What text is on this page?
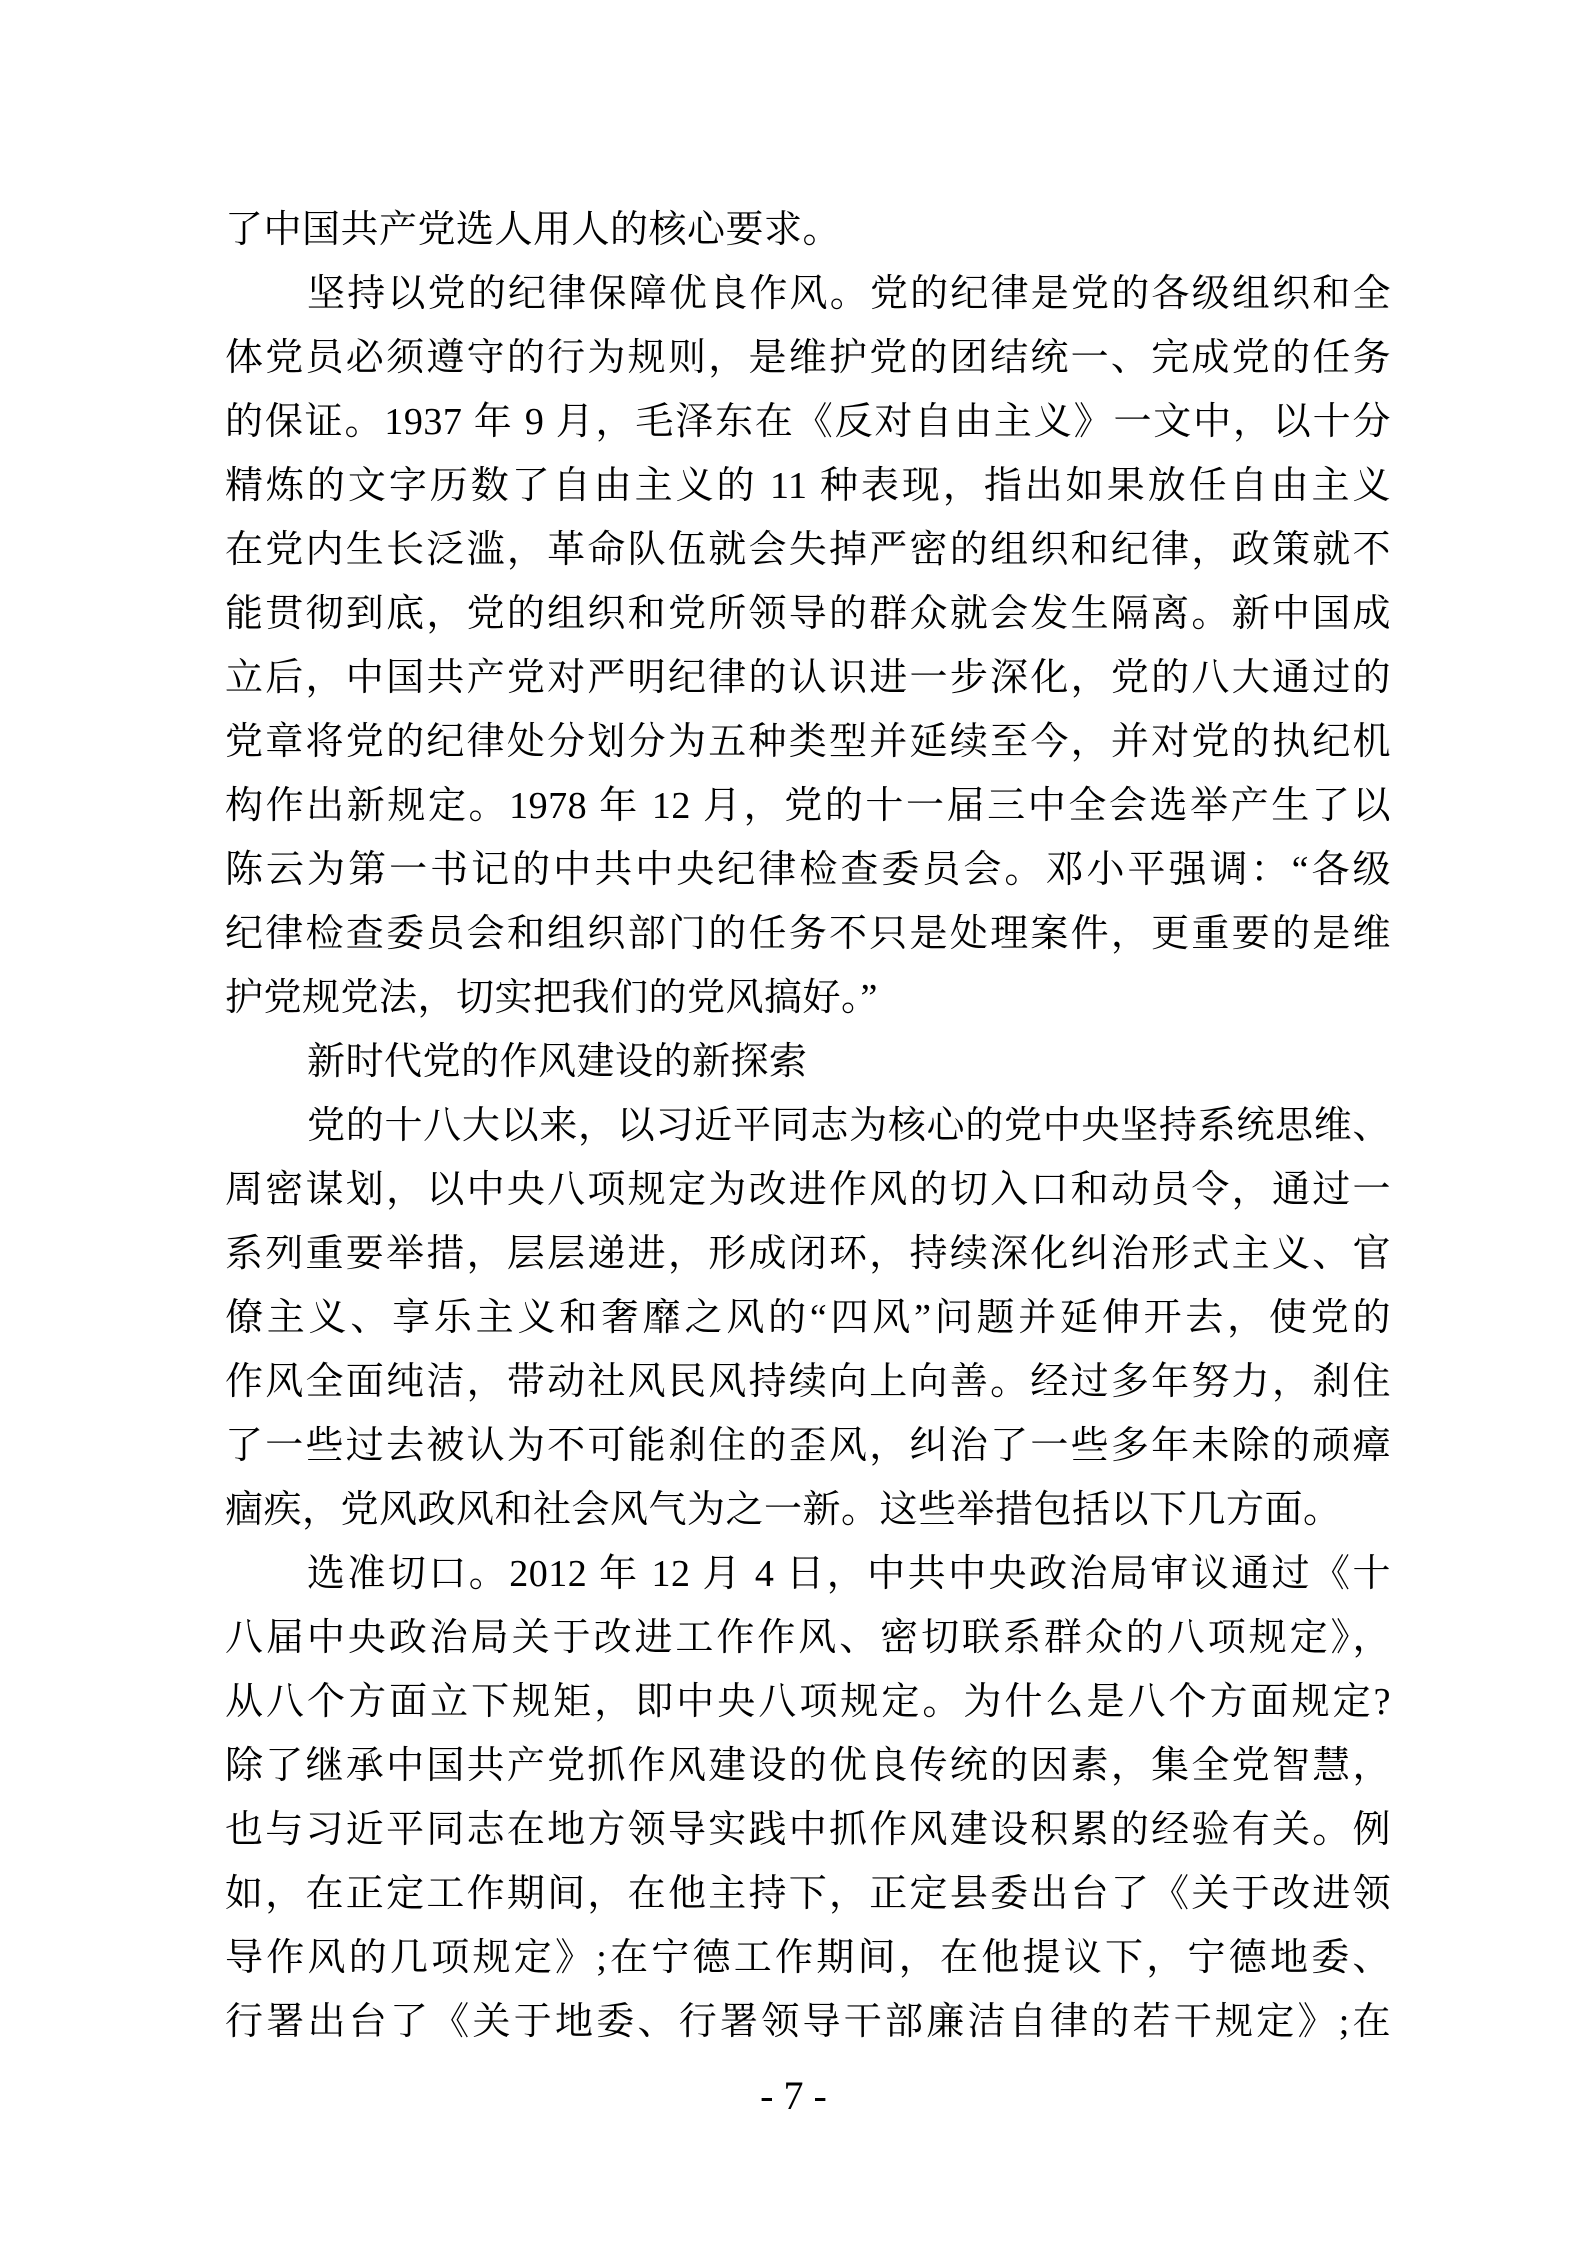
了中国共产党选人用人的核心要求。
坚持以党的纪律保障优良作风。党的纪律是党的各级组织和全
体党员必须遵守的行为规则，是维护党的团结统一、完成党的任务
的保证。1937 年 9 月，毛泽东在《反对自由主义》一文中，以十分
精炼的文字历数了自由主义的 11 种表现，指出如果放任自由主义
在党内生长泛滥，革命队伍就会失掉严密的组织和纪律，政策就不
能贯彻到底，党的组织和党所领导的群众就会发生隔离。新中国成
立后，中国共产党对严明纪律的认识进一步深化，党的八大通过的
党章将党的纪律处分划分为五种类型并延续至今，并对党的执纪机
构作出新规定。1978 年 12 月，党的十一届三中全会选举产生了以
陈云为第一书记的中共中央纪律检查委员会。邓小平强调：“各级
纪律检查委员会和组织部门的任务不只是处理案件，更重要的是维
护党规党法，切实把我们的党风搞好。”
新时代党的作风建设的新探索
党的十八大以来，以习近平同志为核心的党中央坚持系统思维、
周密谋划，以中央八项规定为改进作风的切入口和动员令，通过一
系列重要举措，层层递进，形成闭环，持续深化纠治形式主义、官
僚主义、享乐主义和奢靡之风的“四风”问题并延伸开去，使党的
作风全面纯洁，带动社风民风持续向上向善。经过多年努力，刹住
了一些过去被认为不可能刹住的歪风，纠治了一些多年未除的顽瘴
痼疾，党风政风和社会风气为之一新。这些举措包括以下几方面。
选准切口。2012 年 12 月 4 日，中共中央政治局审议通过《十
八届中央政治局关于改进工作作风、密切联系群众的八项规定》，
从八个方面立下规矩，即中央八项规定。为什么是八个方面规定?
除了继承中国共产党抓作风建设的优良传统的因素，集全党智慧，
也与习近平同志在地方领导实践中抓作风建设积累的经验有关。例
如，在正定工作期间，在他主持下，正定县委出台了《关于改进领
导作风的几项规定》;在宁德工作期间，在他提议下，宁德地委、
行署出台了《关于地委、行署领导干部廉洁自律的若干规定》;在
- 7 -
